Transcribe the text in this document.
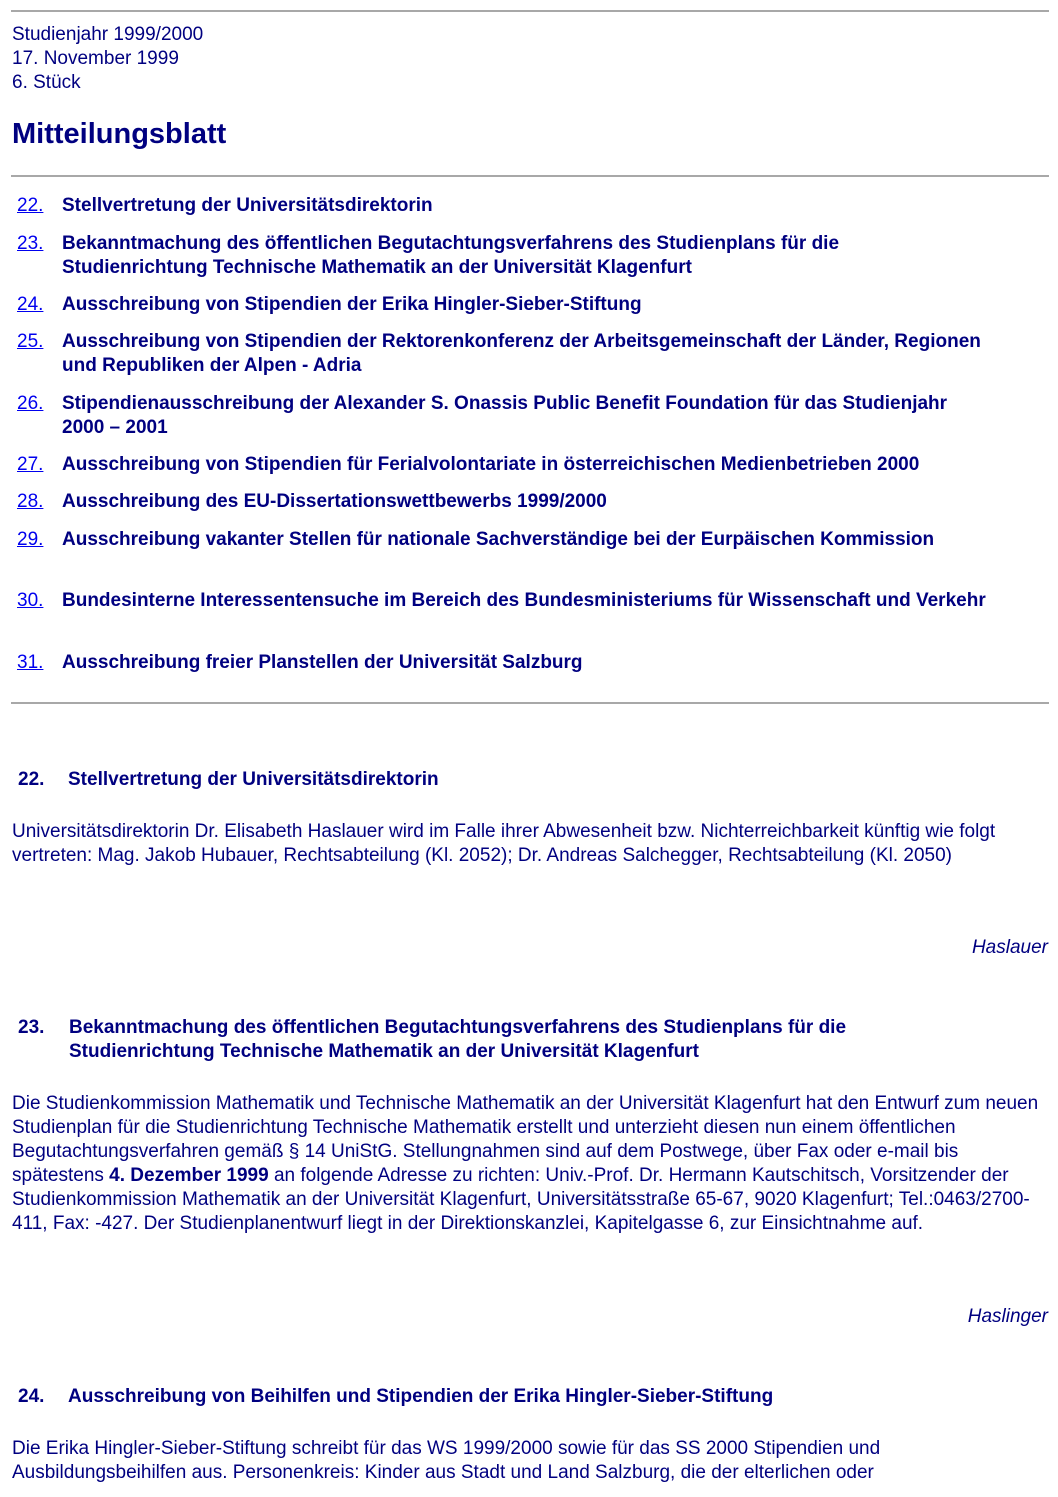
Studienjahr 1999/2000
17. November 1999
6. Stück
Mitteilungsblatt
22. Stellvertretung der Universitätsdirektorin
23. Bekanntmachung des öffentlichen Begutachtungsverfahrens des Studienplans für die Studienrichtung Technische Mathematik an der Universität Klagenfurt
24. Ausschreibung von Stipendien der Erika Hingler-Sieber-Stiftung
25. Ausschreibung von Stipendien der Rektorenkonferenz der Arbeitsgemeinschaft der Länder, Regionen und Republiken der Alpen - Adria
26. Stipendienausschreibung der Alexander S. Onassis Public Benefit Foundation für das Studienjahr 2000 – 2001
27. Ausschreibung von Stipendien für Ferialvolontariate in österreichischen Medienbetrieben 2000
28. Ausschreibung des EU-Dissertationswettbewerbs 1999/2000
29. Ausschreibung vakanter Stellen für nationale Sachverständige bei der Eurpäischen Kommission
30. Bundesinterne Interessentensuche im Bereich des Bundesministeriums für Wissenschaft und Verkehr
31. Ausschreibung freier Planstellen der Universität Salzburg
22. Stellvertretung der Universitätsdirektorin

Universitätsdirektorin Dr. Elisabeth Haslauer wird im Falle ihrer Abwesenheit bzw. Nichterreichbarkeit künftig wie folgt vertreten: Mag. Jakob Hubauer, Rechtsabteilung (Kl. 2052); Dr. Andreas Salchegger, Rechtsabteilung (Kl. 2050)

Haslauer
23. Bekanntmachung des öffentlichen Begutachtungsverfahrens des Studienplans für die Studienrichtung Technische Mathematik an der Universität Klagenfurt

Die Studienkommission Mathematik und Technische Mathematik an der Universität Klagenfurt hat den Entwurf zum neuen Studienplan für die Studienrichtung Technische Mathematik erstellt und unterzieht diesen nun einem öffentlichen Begutachtungsverfahren gemäß § 14 UniStG. Stellungnahmen sind auf dem Postwege, über Fax oder e-mail bis spätestens 4. Dezember 1999 an folgende Adresse zu richten: Univ.-Prof. Dr. Hermann Kautschitsch, Vorsitzender der Studienkommission Mathematik an der Universität Klagenfurt, Universitätsstraße 65-67, 9020 Klagenfurt; Tel.:0463/2700-411, Fax: -427. Der Studienplanentwurf liegt in der Direktionskanzlei, Kapitelgasse 6, zur Einsichtnahme auf.

Haslinger
24. Ausschreibung von Beihilfen und Stipendien der Erika Hingler-Sieber-Stiftung

Die Erika Hingler-Sieber-Stiftung schreibt für das WS 1999/2000 sowie für das SS 2000 Stipendien und Ausbildungsbeihilfen aus. Personenkreis: Kinder aus Stadt und Land Salzburg, die der elterlichen oder
